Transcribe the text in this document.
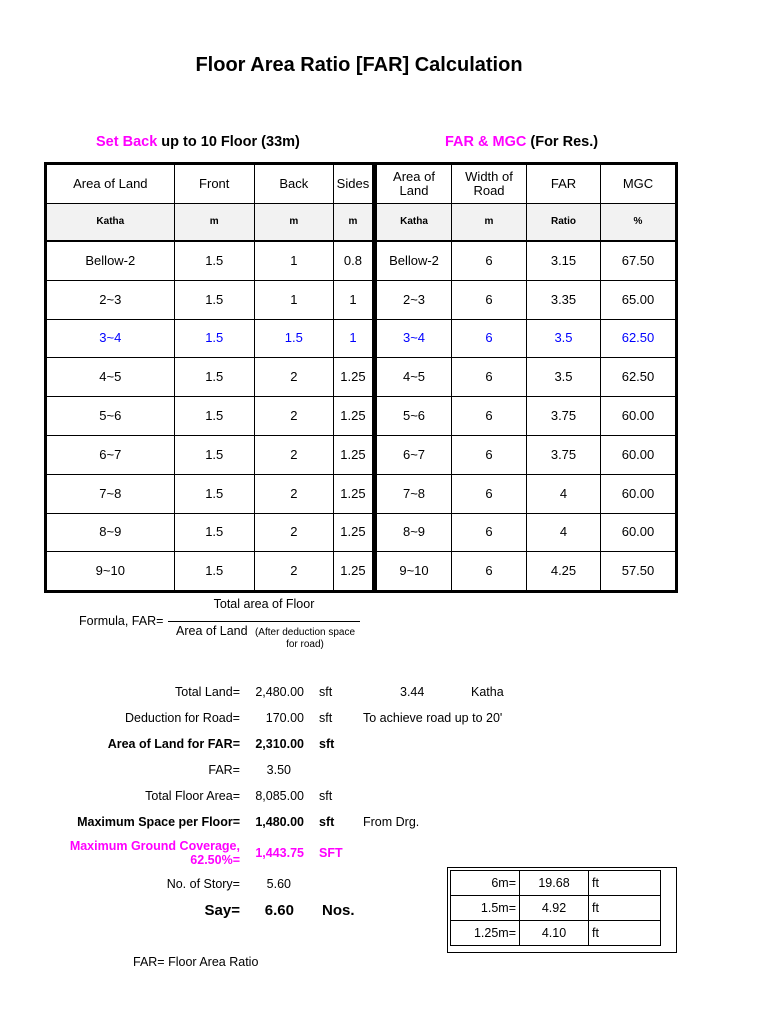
Floor Area Ratio [FAR] Calculation
Set Back up to 10 Floor (33m)	FAR & MGC (For Res.)
Area of Land	Front	Back	Sides
Katha	m	m	m
Bellow-2	1.5	1	0.8
2~3	1.5	1	1
3~4	1.5	1.5	1
4~5	1.5	2	1.25
5~6	1.5	2	1.25
6~7	1.5	2	1.25
7~8	1.5	2	1.25
8~9	1.5	2	1.25
9~10	1.5	2	1.25
Area of Land	Width of Road	FAR	MGC
Katha	m	Ratio	%
Bellow-2	6	3.15	67.50
2~3	6	3.35	65.00
3~4	6	3.5	62.50
4~5	6	3.5	62.50
5~6	6	3.75	60.00
6~7	6	3.75	60.00
7~8	6	4	60.00
8~9	6	4	60.00
9~10	6	4.25	57.50
Formula, FAR=
Total area of Floor
Area of Land (After deduction space for road)
Total Land=	2,480.00 sft	3.44	Katha
Deduction for Road=	170.00 sft To achieve road up to 20'
Area of Land for FAR=	2,310.00 sft
FAR=	3.50
Total Floor Area=	8,085.00 sft
Maximum Space per Floor=	1,480.00 sft From Drg.
Maximum Ground Coverage,
62.50%=	1,443.75 SFT
No. of Story=	5.60
Say=	6.60 Nos.
6m=	19.68	ft
1.5m=	4.92	ft
1.25m=	4.10	ft
FAR= Floor Area Ratio
